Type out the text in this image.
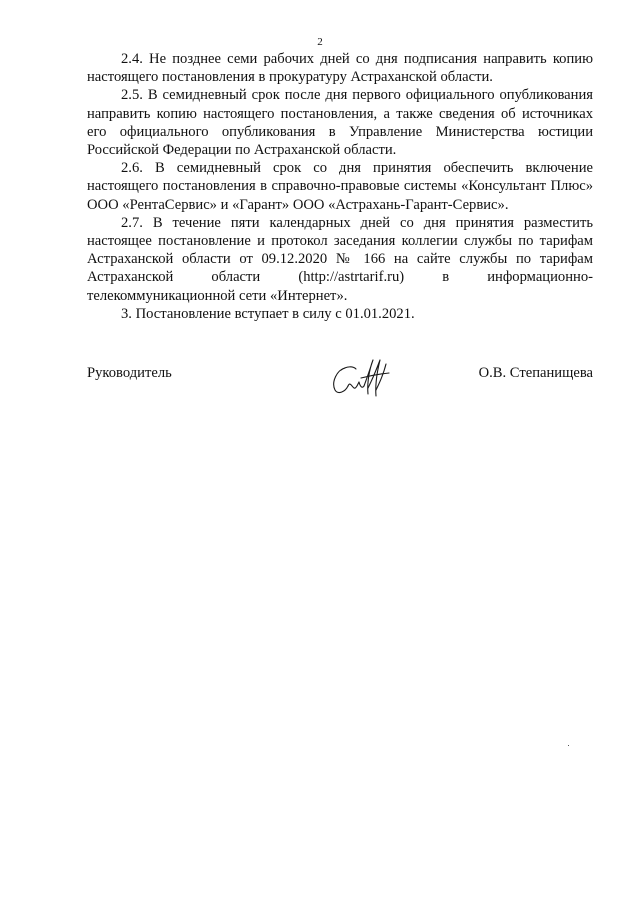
2

2.4. Не позднее семи рабочих дней со дня подписания направить копию настоящего постановления в прокуратуру Астраханской области.

2.5. В семидневный срок после дня первого официального опубликования направить копию настоящего постановления, а также сведения об источниках его официального опубликования в Управление Министерства юстиции Российской Федерации по Астраханской области.

2.6. В семидневный срок со дня принятия обеспечить включение настоящего постановления в справочно-правовые системы «Консультант Плюс» ООО «РентаСервис» и «Гарант» ООО «Астрахань-Гарант-Сервис».

2.7. В течение пяти календарных дней со дня принятия разместить настоящее постановление и протокол заседания коллегии службы по тарифам Астраханской области от 09.12.2020 № 166 на сайте службы по тарифам Астраханской области (http://astrtarif.ru) в информационно-телекоммуникационной сети «Интернет».

3. Постановление вступает в силу с 01.01.2021.

Руководитель	О.В. Степанищева
